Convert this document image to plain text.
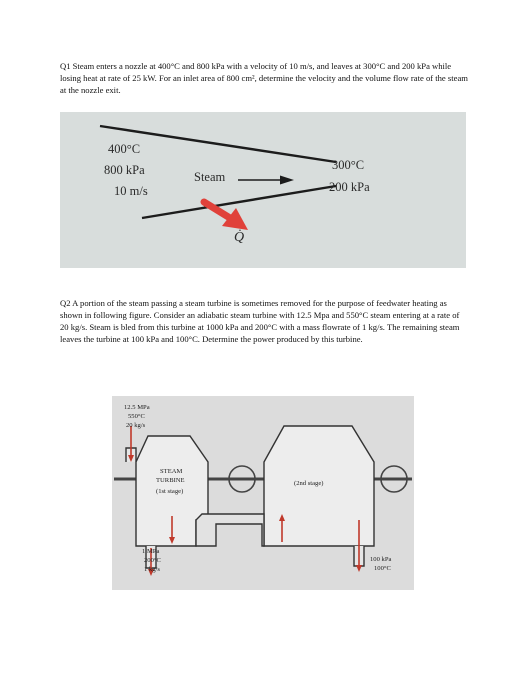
Q1 Steam enters a nozzle at 400°C and 800 kPa with a velocity of 10 m/s, and leaves at 300°C and 200 kPa while losing heat at rate of 25 kW. For an inlet area of 800 cm², determine the velocity and the volume flow rate of the steam at the nozzle exit.

400°C
800 kPa
10 m/s
Steam
300°C
200 kPa
Q̇

Q2 A portion of the steam passing a steam turbine is sometimes removed for the purpose of feedwater heating as shown in following figure. Consider an adiabatic steam turbine with 12.5 Mpa and 550°C steam entering at a rate of 20 kg/s. Steam is bled from this turbine at 1000 kPa and 200°C with a mass flowrate of 1 kg/s. The remaining steam leaves the turbine at 100 kPa and 100°C. Determine the power produced by this turbine.

12.5 MPa
550°C
20 kg/s
STEAM
TURBINE
(1st stage)
(2nd stage)
1 MPa
200°C
1 kg/s
100 kPa
100°C
